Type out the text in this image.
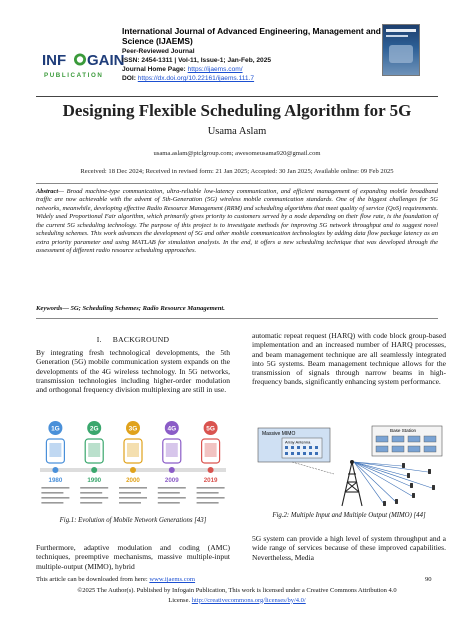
INF GAIN
PUBLICATION
International Journal of Advanced Engineering, Management and Science (IJAEMS)
Peer-Reviewed Journal
ISSN: 2454-1311 | Vol-11, Issue-1; Jan-Feb, 2025
Journal Home Page: https://ijaems.com/
DOI: https://dx.doi.org/10.22161/ijaems.111.7
Designing Flexible Scheduling Algorithm for 5G
Usama Aslam
usama.aslam@ptclgroup.com; awesomeusama920@gmail.com
Received: 18 Dec 2024; Received in revised form: 21 Jan 2025; Accepted: 30 Jan 2025; Available online: 09 Feb 2025
Abstract— Broad machine-type communication, ultra-reliable low-latency communication, and efficient management of expanding mobile broadband traffic are now achievable with the advent of 5th-Generation (5G) wireless mobile communication standards. One of the biggest challenges for 5G networks, meanwhile, developing effective Radio Resource Management (RRM) and scheduling algorithms that meet quality of service (QoS) requirements. Widely used Proportional Fair algorithm, which primarily gives priority to customers served by a node depending on their flow rate, is the foundation of the current 5G scheduling technology. The purpose of this project is to investigate methods for improving 5G network throughput and to suggest novel scheduling schemes. This work advances the development of 5G and other mobile communication technologies by adding data flow package latency as an extra priority parameter and using MATLAB for simulation analysis. In the end, it offers a new scheduling technique that was developed through the assessment of different radio resource scheduling approaches.
Keywords— 5G; Scheduling Schemes; Radio Resource Management.
I. BACKGROUND
By integrating fresh technological developments, the 5th Generation (5G) mobile communication system expands on the developments of the 4G wireless technology. In 5G networks, transmission technologies including higher-order modulation and orthogonal frequency division multiplexing are still in use.
1G
1980
2G
1990
3G
2000
4G
2009
5G
2019
Fig.1: Evolution of Mobile Network Generations [43]
Furthermore, adaptive modulation and coding (AMC) techniques, preemptive mechanisms, massive multiple-input multiple-output (MIMO), hybrid
automatic repeat request (HARQ) with code block group-based implementation and an increased number of HARQ processes, and beam management technique are all seamlessly integrated into 5G systems. Beam management technique allows for the transmission of signals through narrow beams in high-frequency bands, significantly enhancing system performance.
Massive MIMO
Array Antenna
Base Station
Fig.2: Multiple Input and Multiple Output (MIMO) [44]
5G system can provide a high level of system throughput and a wide range of services because of these improved capabilities. Nevertheless, Media
This article can be downloaded from here: www.ijaems.com	90
©2025 The Author(s). Published by Infogain Publication, This work is licensed under a Creative Commons Attribution 4.0
License. http://creativecommons.org/licenses/by/4.0/
